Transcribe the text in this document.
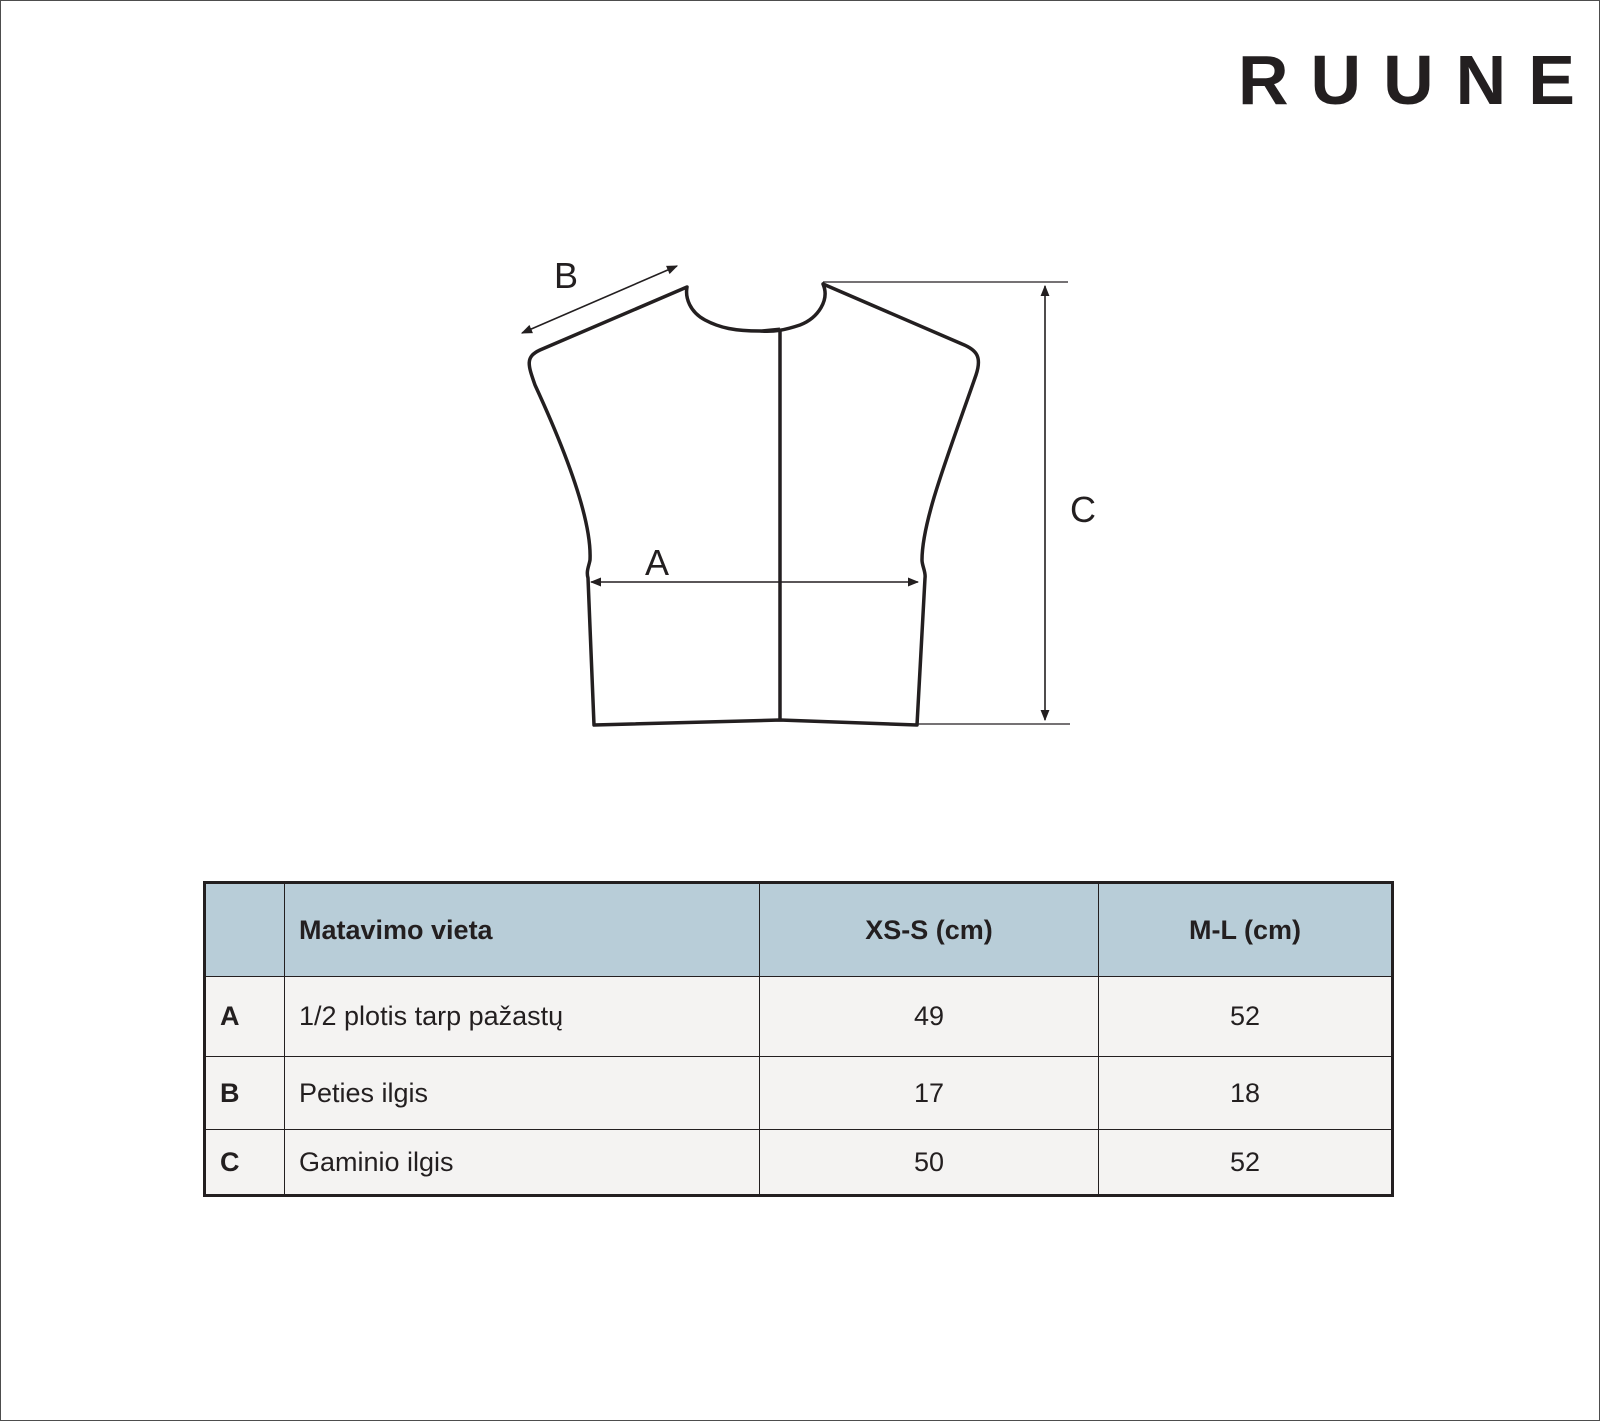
RUUNE
B
A
C
	Matavimo vieta	XS-S (cm)	M-L (cm)
A	1/2 plotis tarp pažastų	49	52
B	Peties ilgis	17	18
C	Gaminio ilgis	50	52
